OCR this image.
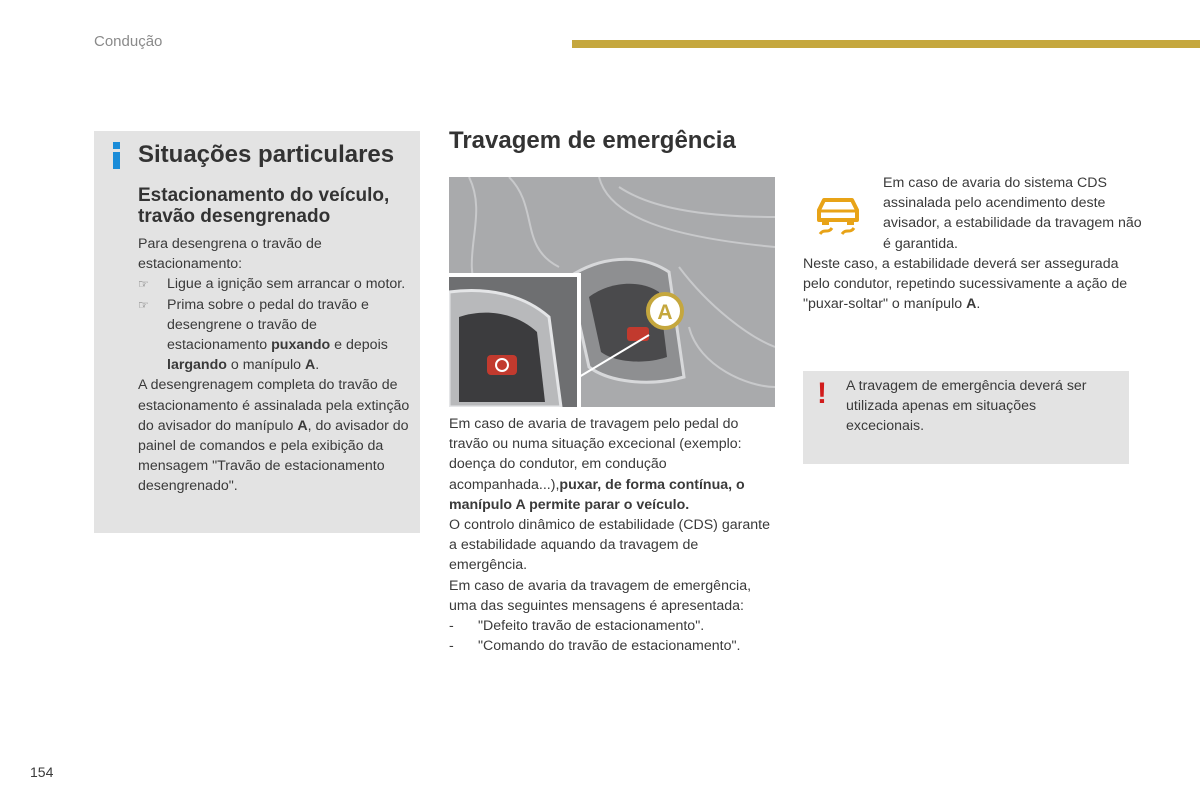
Condução
Situações particulares
Estacionamento do veículo,
travão desengrenado
Para desengrena o travão de estacionamento:
☞ Ligue a ignição sem arrancar o motor.
☞ Prima sobre o pedal do travão e desengrene o travão de estacionamento puxando e depois largando o manípulo A.
A desengrenagem completa do travão de estacionamento é assinalada pela extinção do avisador do manípulo A, do avisador do painel de comandos e pela exibição da mensagem "Travão de estacionamento desengrenado".
Travagem de emergência
A
Em caso de avaria de travagem pelo pedal do travão ou numa situação excecional (exemplo: doença do condutor, em condução acompanhada...),puxar, de forma contínua, o manípulo A permite parar o veículo.
O controlo dinâmico de estabilidade (CDS) garante a estabilidade aquando da travagem de emergência.
Em caso de avaria da travagem de emergência, uma das seguintes mensagens é apresentada:
- "Defeito travão de estacionamento".
- "Comando do travão de estacionamento".
Em caso de avaria do sistema CDS assinalada pelo acendimento deste avisador, a estabilidade da travagem não é garantida.
Neste caso, a estabilidade deverá ser assegurada pelo condutor, repetindo sucessivamente a ação de "puxar-soltar" o manípulo A.
! A travagem de emergência deverá ser utilizada apenas em situações excecionais.
154
